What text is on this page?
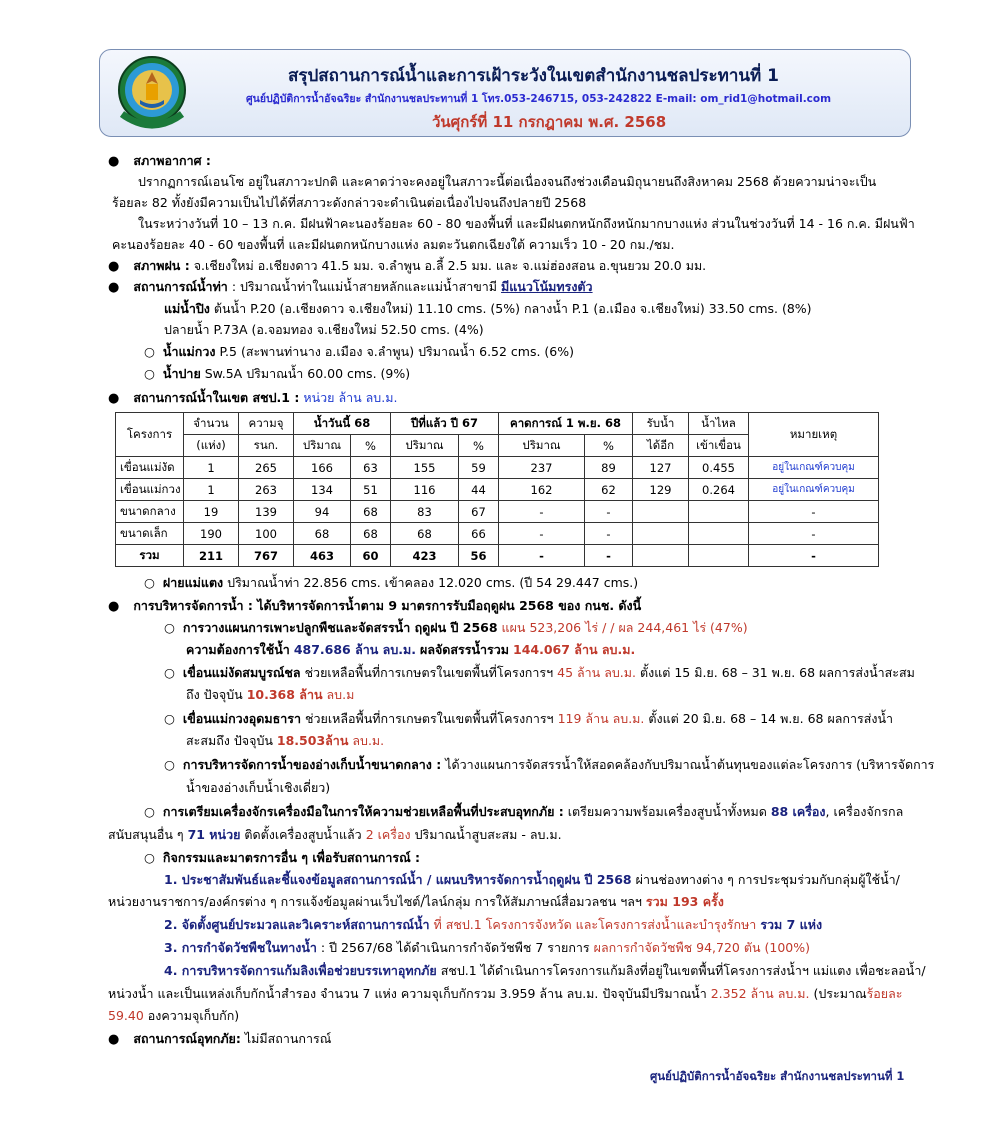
สรุปสถานการณ์น้ำและการเฝ้าระวังในเขตสำนักงานชลประทานที่ 1
ศูนย์ปฏิบัติการน้ำอัจฉริยะ สำนักงานชลประทานที่ 1 โทร.053-246715, 053-242822 E-mail: om_rid1@hotmail.com
วันศุกร์ที่ 11 กรกฎาคม พ.ศ. 2568
● สภาพอากาศ :
ปรากฏการณ์เอนโซ อยู่ในสภาวะปกติ และคาดว่าจะคงอยู่ในสภาวะนี้ต่อเนื่องจนถึงช่วงเดือนมิถุนายนถึงสิงหาคม 2568 ด้วยความน่าจะเป็น
ร้อยละ 82 ทั้งยังมีความเป็นไปได้ที่สภาวะดังกล่าวจะดำเนินต่อเนื่องไปจนถึงปลายปี 2568
ในระหว่างวันที่ 10 – 13 ก.ค. มีฝนฟ้าคะนองร้อยละ 60 - 80 ของพื้นที่ และมีฝนตกหนักถึงหนักมากบางแห่ง ส่วนในช่วงวันที่ 14 - 16 ก.ค. มีฝนฟ้า
คะนองร้อยละ 40 - 60 ของพื้นที่ และมีฝนตกหนักบางแห่ง ลมตะวันตกเฉียงใต้ ความเร็ว 10 - 20 กม./ชม.
● สภาพฝน : จ.เชียงใหม่ อ.เชียงดาว 41.5 มม. จ.ลำพูน อ.ลี้ 2.5 มม. และ จ.แม่ฮ่องสอน อ.ขุนยวม 20.0 มม.
● สถานการณ์น้ำท่า : ปริมาณน้ำท่าในแม่น้ำสายหลักและแม่น้ำสาขามี มีแนวโน้มทรงตัว
แม่น้ำปิง ต้นน้ำ P.20 (อ.เชียงดาว จ.เชียงใหม่) 11.10 cms. (5%) กลางน้ำ P.1 (อ.เมือง จ.เชียงใหม่) 33.50 cms. (8%)
ปลายน้ำ P.73A (อ.จอมทอง จ.เชียงใหม่ 52.50 cms. (4%)
○ น้ำแม่กวง P.5 (สะพานท่านาง อ.เมือง จ.ลำพูน) ปริมาณน้ำ 6.52 cms. (6%)
○ น้ำปาย Sw.5A ปริมาณน้ำ 60.00 cms. (9%)
● สถานการณ์น้ำในเขต สชป.1 : หน่วย ล้าน ลบ.ม.
โครงการ	จำนวน	ความจุ	น้ำวันนี้ 68		ปีที่แล้ว ปี 67		คาดการณ์ 1 พ.ย. 68		รับน้ำ	น้ำไหล	หมายเหตุ
	(แห่ง)	รนก.	ปริมาณ	%	ปริมาณ	%	ปริมาณ	%	ได้อีก	เข้าเขื่อน	
เขื่อนแม่งัด	1	265	166	63	155	59	237	89	127	0.455	อยู่ในเกณฑ์ควบคุม
เขื่อนแม่กวง	1	263	134	51	116	44	162	62	129	0.264	อยู่ในเกณฑ์ควบคุม
ขนาดกลาง	19	139	94	68	83	67	-	-			-
ขนาดเล็ก	190	100	68	68	68	66	-	-			-
รวม	211	767	463	60	423	56	-	-			-
○ ฝายแม่แตง ปริมาณน้ำท่า 22.856 cms. เข้าคลอง 12.020 cms. (ปี 54 29.447 cms.)
● การบริหารจัดการน้ำ : ได้บริหารจัดการน้ำตาม 9 มาตรการรับมือฤดูฝน 2568 ของ กนช. ดังนี้
○ การวางแผนการเพาะปลูกพืชและจัดสรรน้ำ ฤดูฝน ปี 2568 แผน 523,206 ไร่ / / ผล 244,461 ไร่ (47%)
ความต้องการใช้น้ำ 487.686 ล้าน ลบ.ม. ผลจัดสรรน้ำรวม 144.067 ล้าน ลบ.ม.
○ เขื่อนแม่งัดสมบูรณ์ชล ช่วยเหลือพื้นที่การเกษตรในเขตพื้นที่โครงการฯ 45 ล้าน ลบ.ม. ตั้งแต่ 15 มิ.ย. 68 – 31 พ.ย. 68 ผลการส่งน้ำสะสม
ถึง ปัจจุบัน 10.368 ล้าน ลบ.ม
○ เขื่อนแม่กวงอุดมธารา ช่วยเหลือพื้นที่การเกษตรในเขตพื้นที่โครงการฯ 119 ล้าน ลบ.ม. ตั้งแต่ 20 มิ.ย. 68 – 14 พ.ย. 68 ผลการส่งน้ำ
สะสมถึง ปัจจุบัน 18.503ล้าน ลบ.ม.
○ การบริหารจัดการน้ำของอ่างเก็บน้ำขนาดกลาง : ได้วางแผนการจัดสรรน้ำให้สอดคล้องกับปริมาณน้ำต้นทุนของแต่ละโครงการ (บริหารจัดการ
น้ำของอ่างเก็บน้ำเชิงเดี่ยว)
○ การเตรียมเครื่องจักรเครื่องมือในการให้ความช่วยเหลือพื้นที่ประสบอุทกภัย : เตรียมความพร้อมเครื่องสูบน้ำทั้งหมด 88 เครื่อง, เครื่องจักรกล
สนับสนุนอื่น ๆ 71 หน่วย ติดตั้งเครื่องสูบน้ำแล้ว 2 เครื่อง ปริมาณน้ำสูบสะสม - ลบ.ม.
○ กิจกรรมและมาตรการอื่น ๆ เพื่อรับสถานการณ์ :
1. ประชาสัมพันธ์และชี้แจงข้อมูลสถานการณ์น้ำ / แผนบริหารจัดการน้ำฤดูฝน ปี 2568 ผ่านช่องทางต่าง ๆ การประชุมร่วมกับกลุ่มผู้ใช้น้ำ/
หน่วยงานราชการ/องค์กรต่าง ๆ การแจ้งข้อมูลผ่านเว็บไซต์/ไลน์กลุ่ม การให้สัมภาษณ์สื่อมวลชน ฯลฯ รวม 193 ครั้ง
2. จัดตั้งศูนย์ประมวลและวิเคราะห์สถานการณ์น้ำ ที่ สชป.1 โครงการจังหวัด และโครงการส่งน้ำและบำรุงรักษา รวม 7 แห่ง
3. การกำจัดวัชพืชในทางน้ำ : ปี 2567/68 ได้ดำเนินการกำจัดวัชพืช 7 รายการ ผลการกำจัดวัชพืช 94,720 ตัน (100%)
4. การบริหารจัดการแก้มลิงเพื่อช่วยบรรเทาอุทกภัย สชป.1 ได้ดำเนินการโครงการแก้มลิงที่อยู่ในเขตพื้นที่โครงการส่งน้ำฯ แม่แตง เพื่อชะลอน้ำ/
หน่วงน้ำ และเป็นแหล่งเก็บกักน้ำสำรอง จำนวน 7 แห่ง ความจุเก็บกักรวม 3.959 ล้าน ลบ.ม. ปัจจุบันมีปริมาณน้ำ 2.352 ล้าน ลบ.ม. (ประมาณร้อยละ
59.40 องความจุเก็บกัก)
● สถานการณ์อุทกภัย: ไม่มีสถานการณ์
ศูนย์ปฏิบัติการน้ำอัจฉริยะ สำนักงานชลประทานที่ 1
